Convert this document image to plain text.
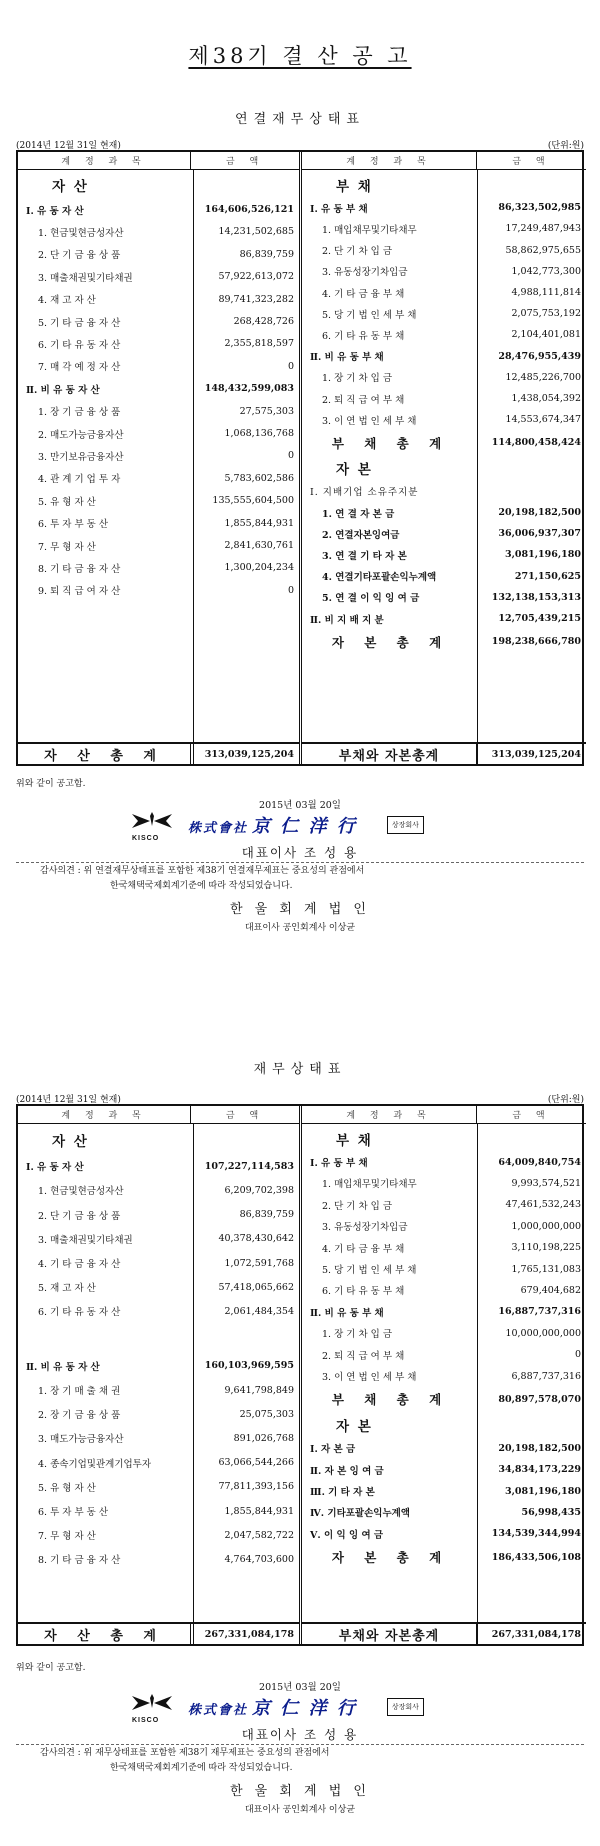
제38기 결 산 공 고
연결재무상태표
(2014년 12월 31일 현재)	(단위:원)
계 정 과 목	금 액
자 산
Ⅰ. 유 동 자 산	164,606,526,121
1. 현금및현금성자산	14,231,502,685
2. 단 기 금 융 상 품	86,839,759
3. 매출채권및기타채권	57,922,613,072
4. 재 고 자 산	89,741,323,282
5. 기 타 금 융 자 산	268,428,726
6. 기 타 유 동 자 산	2,355,818,597
7. 매 각 예 정 자 산	0
Ⅱ. 비 유 동 자 산	148,432,599,083
1. 장 기 금 융 상 품	27,575,303
2. 매도가능금융자산	1,068,136,768
3. 만기보유금융자산	0
4. 관 계 기 업 투 자	5,783,602,586
5. 유 형 자 산	135,555,604,500
6. 투 자 부 동 산	1,855,844,931
7. 무 형 자 산	2,841,630,761
8. 기 타 금 융 자 산	1,300,204,234
9. 퇴 직 급 여 자 산	0
자 산 총 계	313,039,125,204
계 정 과 목	금 액
부 채
Ⅰ. 유 동 부 채	86,323,502,985
1. 매입채무및기타채무	17,249,487,943
2. 단 기 차 입 금	58,862,975,655
3. 유동성장기차입금	1,042,773,300
4. 기 타 금 융 부 채	4,988,111,814
5. 당 기 법 인 세 부 채	2,075,753,192
6. 기 타 유 동 부 채	2,104,401,081
Ⅱ. 비 유 동 부 채	28,476,955,439
1. 장 기 차 입 금	12,485,226,700
2. 퇴 직 급 여 부 채	1,438,054,392
3. 이 연 법 인 세 부 채	14,553,674,347
부 채 총 계	114,800,458,424
자 본
Ⅰ. 지배기업 소유주지분
1. 연 결 자 본 금	20,198,182,500
2. 연결자본잉여금	36,006,937,307
3. 연 결 기 타 자 본	3,081,196,180
4. 연결기타포괄손익누계액	271,150,625
5. 연 결 이 익 잉 여 금	132,138,153,313
Ⅱ. 비 지 배 지 분	12,705,439,215
자 본 총 계	198,238,666,780
부채와 자본총계	313,039,125,204
위와 같이 공고함.
2015년 03월 20일
KISCO
株式會社 京 仁 洋 行	상장회사
대표이사 조 성 용
감사의견 : 위 연결재무상태표를 포함한 제38기 연결재무제표는 중요성의 관점에서
한국채택국제회계기준에 따라 작성되었습니다.
한 울 회 계 법 인
대표이사 공인회계사 이상균
재무상태표
(2014년 12월 31일 현재)	(단위:원)
계 정 과 목	금 액
자 산
Ⅰ. 유 동 자 산	107,227,114,583
1. 현금및현금성자산	6,209,702,398
2. 단 기 금 융 상 품	86,839,759
3. 매출채권및기타채권	40,378,430,642
4. 기 타 금 융 자 산	1,072,591,768
5. 재 고 자 산	57,418,065,662
6. 기 타 유 동 자 산	2,061,484,354
Ⅱ. 비 유 동 자 산	160,103,969,595
1. 장 기 매 출 채 권	9,641,798,849
2. 장 기 금 융 상 품	25,075,303
3. 매도가능금융자산	891,026,768
4. 종속기업및관계기업투자	63,066,544,266
5. 유 형 자 산	77,811,393,156
6. 투 자 부 동 산	1,855,844,931
7. 무 형 자 산	2,047,582,722
8. 기 타 금 융 자 산	4,764,703,600
자 산 총 계	267,331,084,178
계 정 과 목	금 액
부 채
Ⅰ. 유 동 부 채	64,009,840,754
1. 매입채무및기타채무	9,993,574,521
2. 단 기 차 입 금	47,461,532,243
3. 유동성장기차입금	1,000,000,000
4. 기 타 금 융 부 채	3,110,198,225
5. 당 기 법 인 세 부 채	1,765,131,083
6. 기 타 유 동 부 채	679,404,682
Ⅱ. 비 유 동 부 채	16,887,737,316
1. 장 기 차 입 금	10,000,000,000
2. 퇴 직 급 여 부 채	0
3. 이 연 법 인 세 부 채	6,887,737,316
부 채 총 계	80,897,578,070
자 본
Ⅰ. 자 본 금	20,198,182,500
Ⅱ. 자 본 잉 여 금	34,834,173,229
Ⅲ. 기 타 자 본	3,081,196,180
Ⅳ. 기타포괄손익누계액	56,998,435
Ⅴ. 이 익 잉 여 금	134,539,344,994
자 본 총 계	186,433,506,108
부채와 자본총계	267,331,084,178
위와 같이 공고함.
2015년 03월 20일
KISCO
株式會社 京 仁 洋 行	상장회사
대표이사 조 성 용
감사의견 : 위 재무상태표를 포함한 제38기 재무제표는 중요성의 관점에서
한국채택국제회계기준에 따라 작성되었습니다.
한 울 회 계 법 인
대표이사 공인회계사 이상균
